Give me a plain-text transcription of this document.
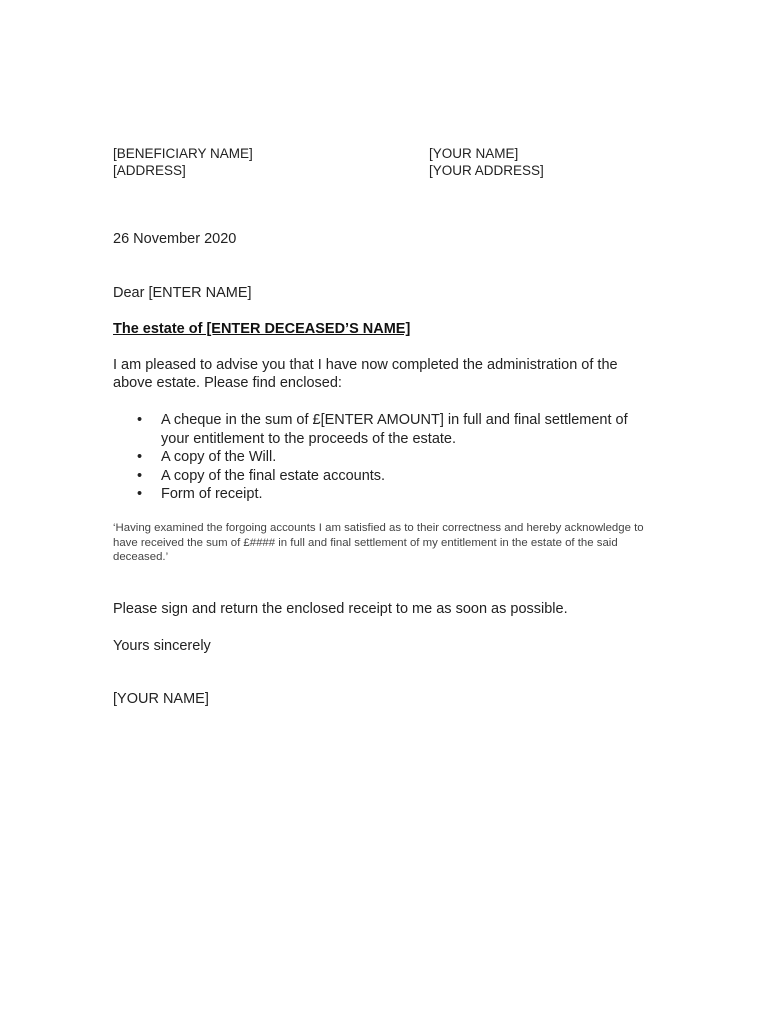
[BENEFICIARY NAME]
[ADDRESS]
[YOUR NAME]
[YOUR ADDRESS]
26 November 2020
Dear [ENTER NAME]
The estate of [ENTER DECEASED’S NAME]

I am pleased to advise you that I have now completed the administration of the above estate. Please find enclosed:

• A cheque in the sum of £[ENTER AMOUNT] in full and final settlement of your entitlement to the proceeds of the estate.
• A copy of the Will.
• A copy of the final estate accounts.
• Form of receipt.

‘Having examined the forgoing accounts I am satisfied as to their correctness and hereby acknowledge to have received the sum of £#### in full and final settlement of my entitlement in the estate of the said deceased.’

Please sign and return the enclosed receipt to me as soon as possible.
Yours sincerely
[YOUR NAME]
